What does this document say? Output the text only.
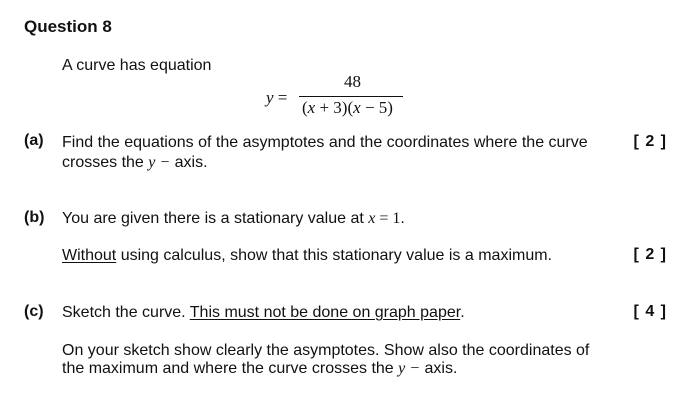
Question 8
A curve has equation
y =
48
(x + 3)(x − 5)
(a) Find the equations of the asymptotes and the coordinates where the curve
crosses the y − axis.
[ 2 ]
(b) You are given there is a stationary value at x = 1.
Without using calculus, show that this stationary value is a maximum.	[ 2 ]
(c) Sketch the curve. This must not be done on graph paper.	[ 4 ]
On your sketch show clearly the asymptotes. Show also the coordinates of
the maximum and where the curve crosses the y − axis.
